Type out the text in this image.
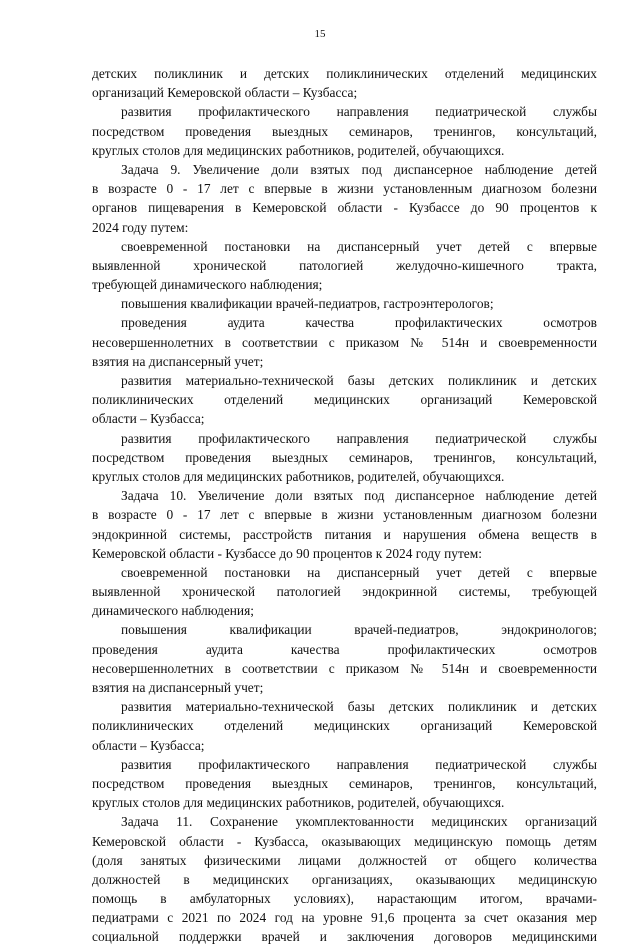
15
детских поликлиник и детских поликлинических отделений медицинских
организаций Кемеровской области – Кузбасса;
развития профилактического направления педиатрической службы
посредством проведения выездных семинаров, тренингов, консультаций,
круглых столов для медицинских работников, родителей, обучающихся.
Задача 9. Увеличение доли взятых под диспансерное наблюдение детей
в возрасте 0 - 17 лет с впервые в жизни установленным диагнозом болезни
органов пищеварения в Кемеровской области - Кузбассе до 90 процентов к
2024 году путем:
своевременной постановки на диспансерный учет детей с впервые
выявленной хронической патологией желудочно-кишечного тракта,
требующей динамического наблюдения;
повышения квалификации врачей-педиатров, гастроэнтерологов;
проведения аудита качества профилактических осмотров
несовершеннолетних в соответствии с приказом № 514н и своевременности
взятия на диспансерный учет;
развития материально-технической базы детских поликлиник и детских
поликлинических отделений медицинских организаций Кемеровской
области – Кузбасса;
развития профилактического направления педиатрической службы
посредством проведения выездных семинаров, тренингов, консультаций,
круглых столов для медицинских работников, родителей, обучающихся.
Задача 10. Увеличение доли взятых под диспансерное наблюдение детей
в возрасте 0 - 17 лет с впервые в жизни установленным диагнозом болезни
эндокринной системы, расстройств питания и нарушения обмена веществ в
Кемеровской области - Кузбассе до 90 процентов к 2024 году путем:
своевременной постановки на диспансерный учет детей с впервые
выявленной хронической патологией эндокринной системы, требующей
динамического наблюдения;
повышения квалификации врачей-педиатров, эндокринологов;
проведения аудита качества профилактических осмотров
несовершеннолетних в соответствии с приказом № 514н и своевременности
взятия на диспансерный учет;
развития материально-технической базы детских поликлиник и детских
поликлинических отделений медицинских организаций Кемеровской
области – Кузбасса;
развития профилактического направления педиатрической службы
посредством проведения выездных семинаров, тренингов, консультаций,
круглых столов для медицинских работников, родителей, обучающихся.
Задача 11. Сохранение укомплектованности медицинских организаций
Кемеровской области - Кузбасса, оказывающих медицинскую помощь детям
(доля занятых физическими лицами должностей от общего количества
должностей в медицинских организациях, оказывающих медицинскую
помощь в амбулаторных условиях), нарастающим итогом, врачами-
педиатрами с 2021 по 2024 год на уровне 91,6 процента за счет оказания мер
социальной поддержки врачей и заключения договоров медицинскими
